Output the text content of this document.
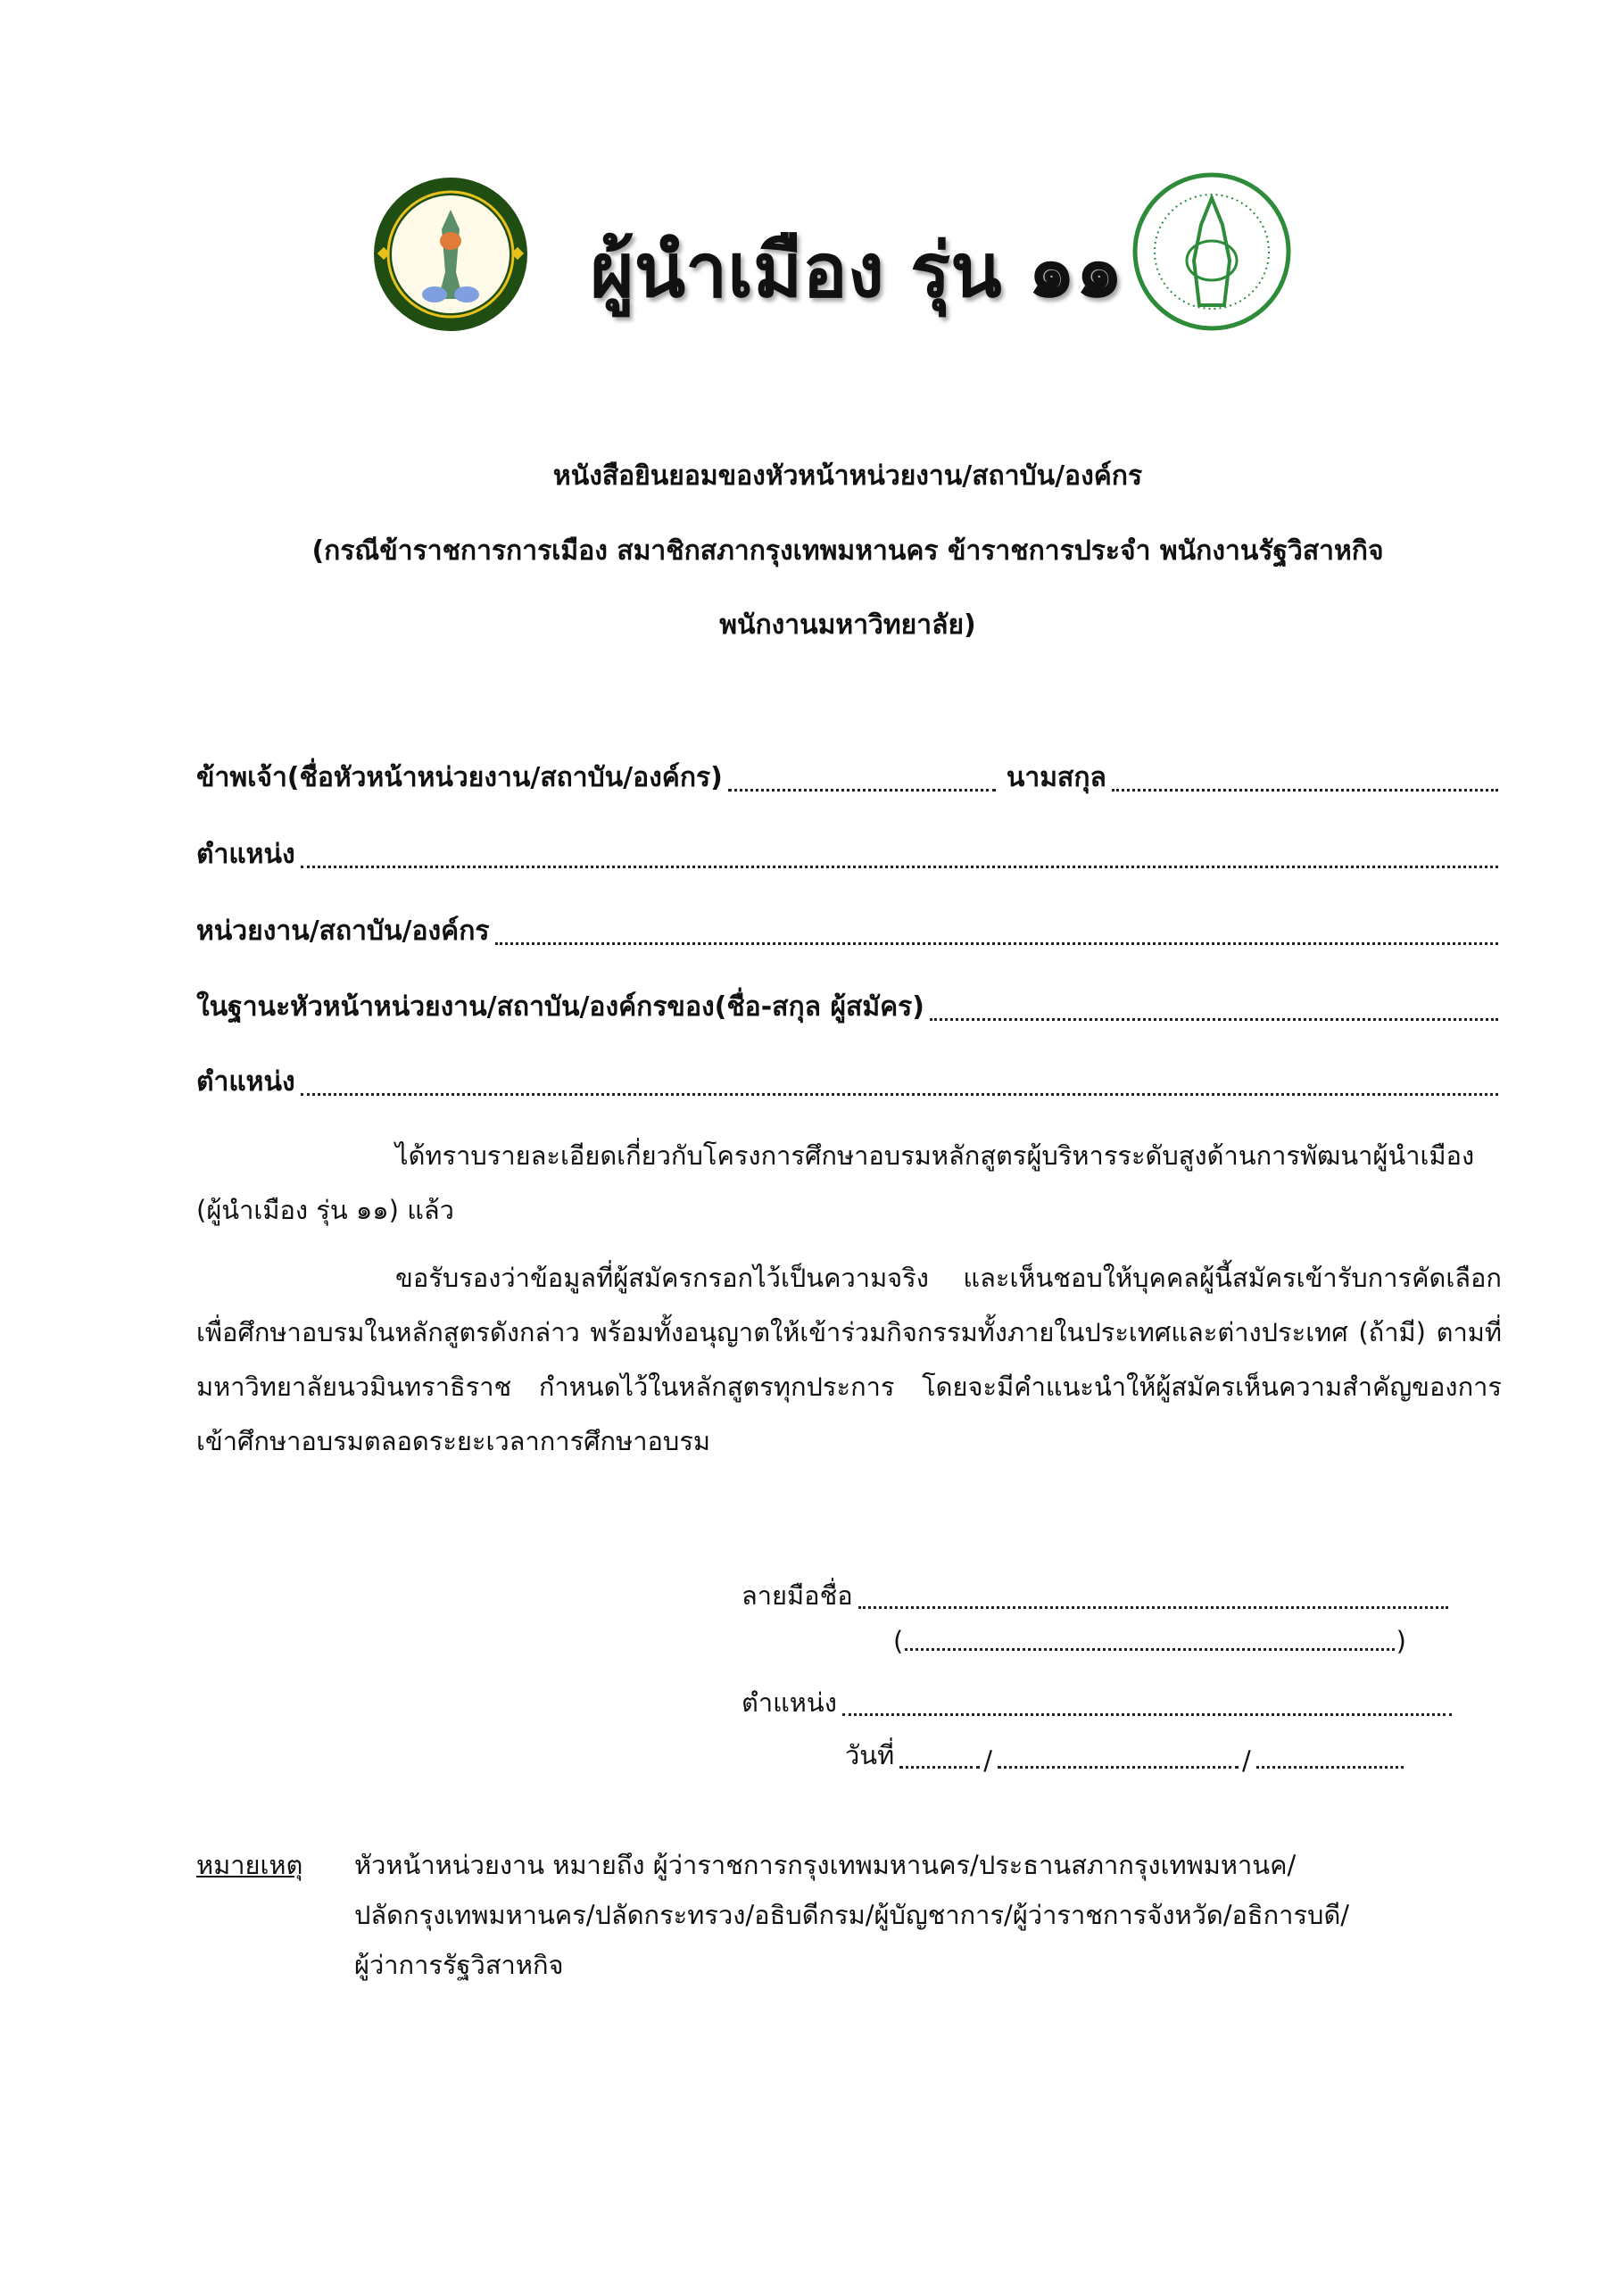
ผู้นำเมือง รุ่น ๑๑
หนังสือยินยอมของหัวหน้าหน่วยงาน/สถาบัน/องค์กร
(กรณีข้าราชการการเมือง สมาชิกสภากรุงเทพมหานคร ข้าราชการประจำ พนักงานรัฐวิสาหกิจ
พนักงานมหาวิทยาลัย)
ข้าพเจ้า(ชื่อหัวหน้าหน่วยงาน/สถาบัน/องค์กร)	นามสกุล
ตำแหน่ง
หน่วยงาน/สถาบัน/องค์กร
ในฐานะหัวหน้าหน่วยงาน/สถาบัน/องค์กรของ(ชื่อ-สกุล ผู้สมัคร)
ตำแหน่ง
ได้ทราบรายละเอียดเกี่ยวกับโครงการศึกษาอบรมหลักสูตรผู้บริหารระดับสูงด้านการพัฒนาผู้นำเมือง (ผู้นำเมือง รุ่น ๑๑) แล้ว
ขอรับรองว่าข้อมูลที่ผู้สมัครกรอกไว้เป็นความจริง และเห็นชอบให้บุคคลผู้นี้สมัครเข้ารับการคัดเลือก เพื่อศึกษาอบรมในหลักสูตรดังกล่าว พร้อมทั้งอนุญาตให้เข้าร่วมกิจกรรมทั้งภายในประเทศและต่างประเทศ (ถ้ามี) ตามที่มหาวิทยาลัยนวมินทราธิราช กำหนดไว้ในหลักสูตรทุกประการ โดยจะมีคำแนะนำให้ผู้สมัครเห็นความสำคัญของการเข้าศึกษาอบรมตลอดระยะเวลาการศึกษาอบรม
ลายมือชื่อ
(	)
ตำแหน่ง
วันที่	/	/
หมายเหตุ หัวหน้าหน่วยงาน หมายถึง ผู้ว่าราชการกรุงเทพมหานคร/ประธานสภากรุงเทพมหานค/
ปลัดกรุงเทพมหานคร/ปลัดกระทรวง/อธิบดีกรม/ผู้บัญชาการ/ผู้ว่าราชการจังหวัด/อธิการบดี/
ผู้ว่าการรัฐวิสาหกิจ
